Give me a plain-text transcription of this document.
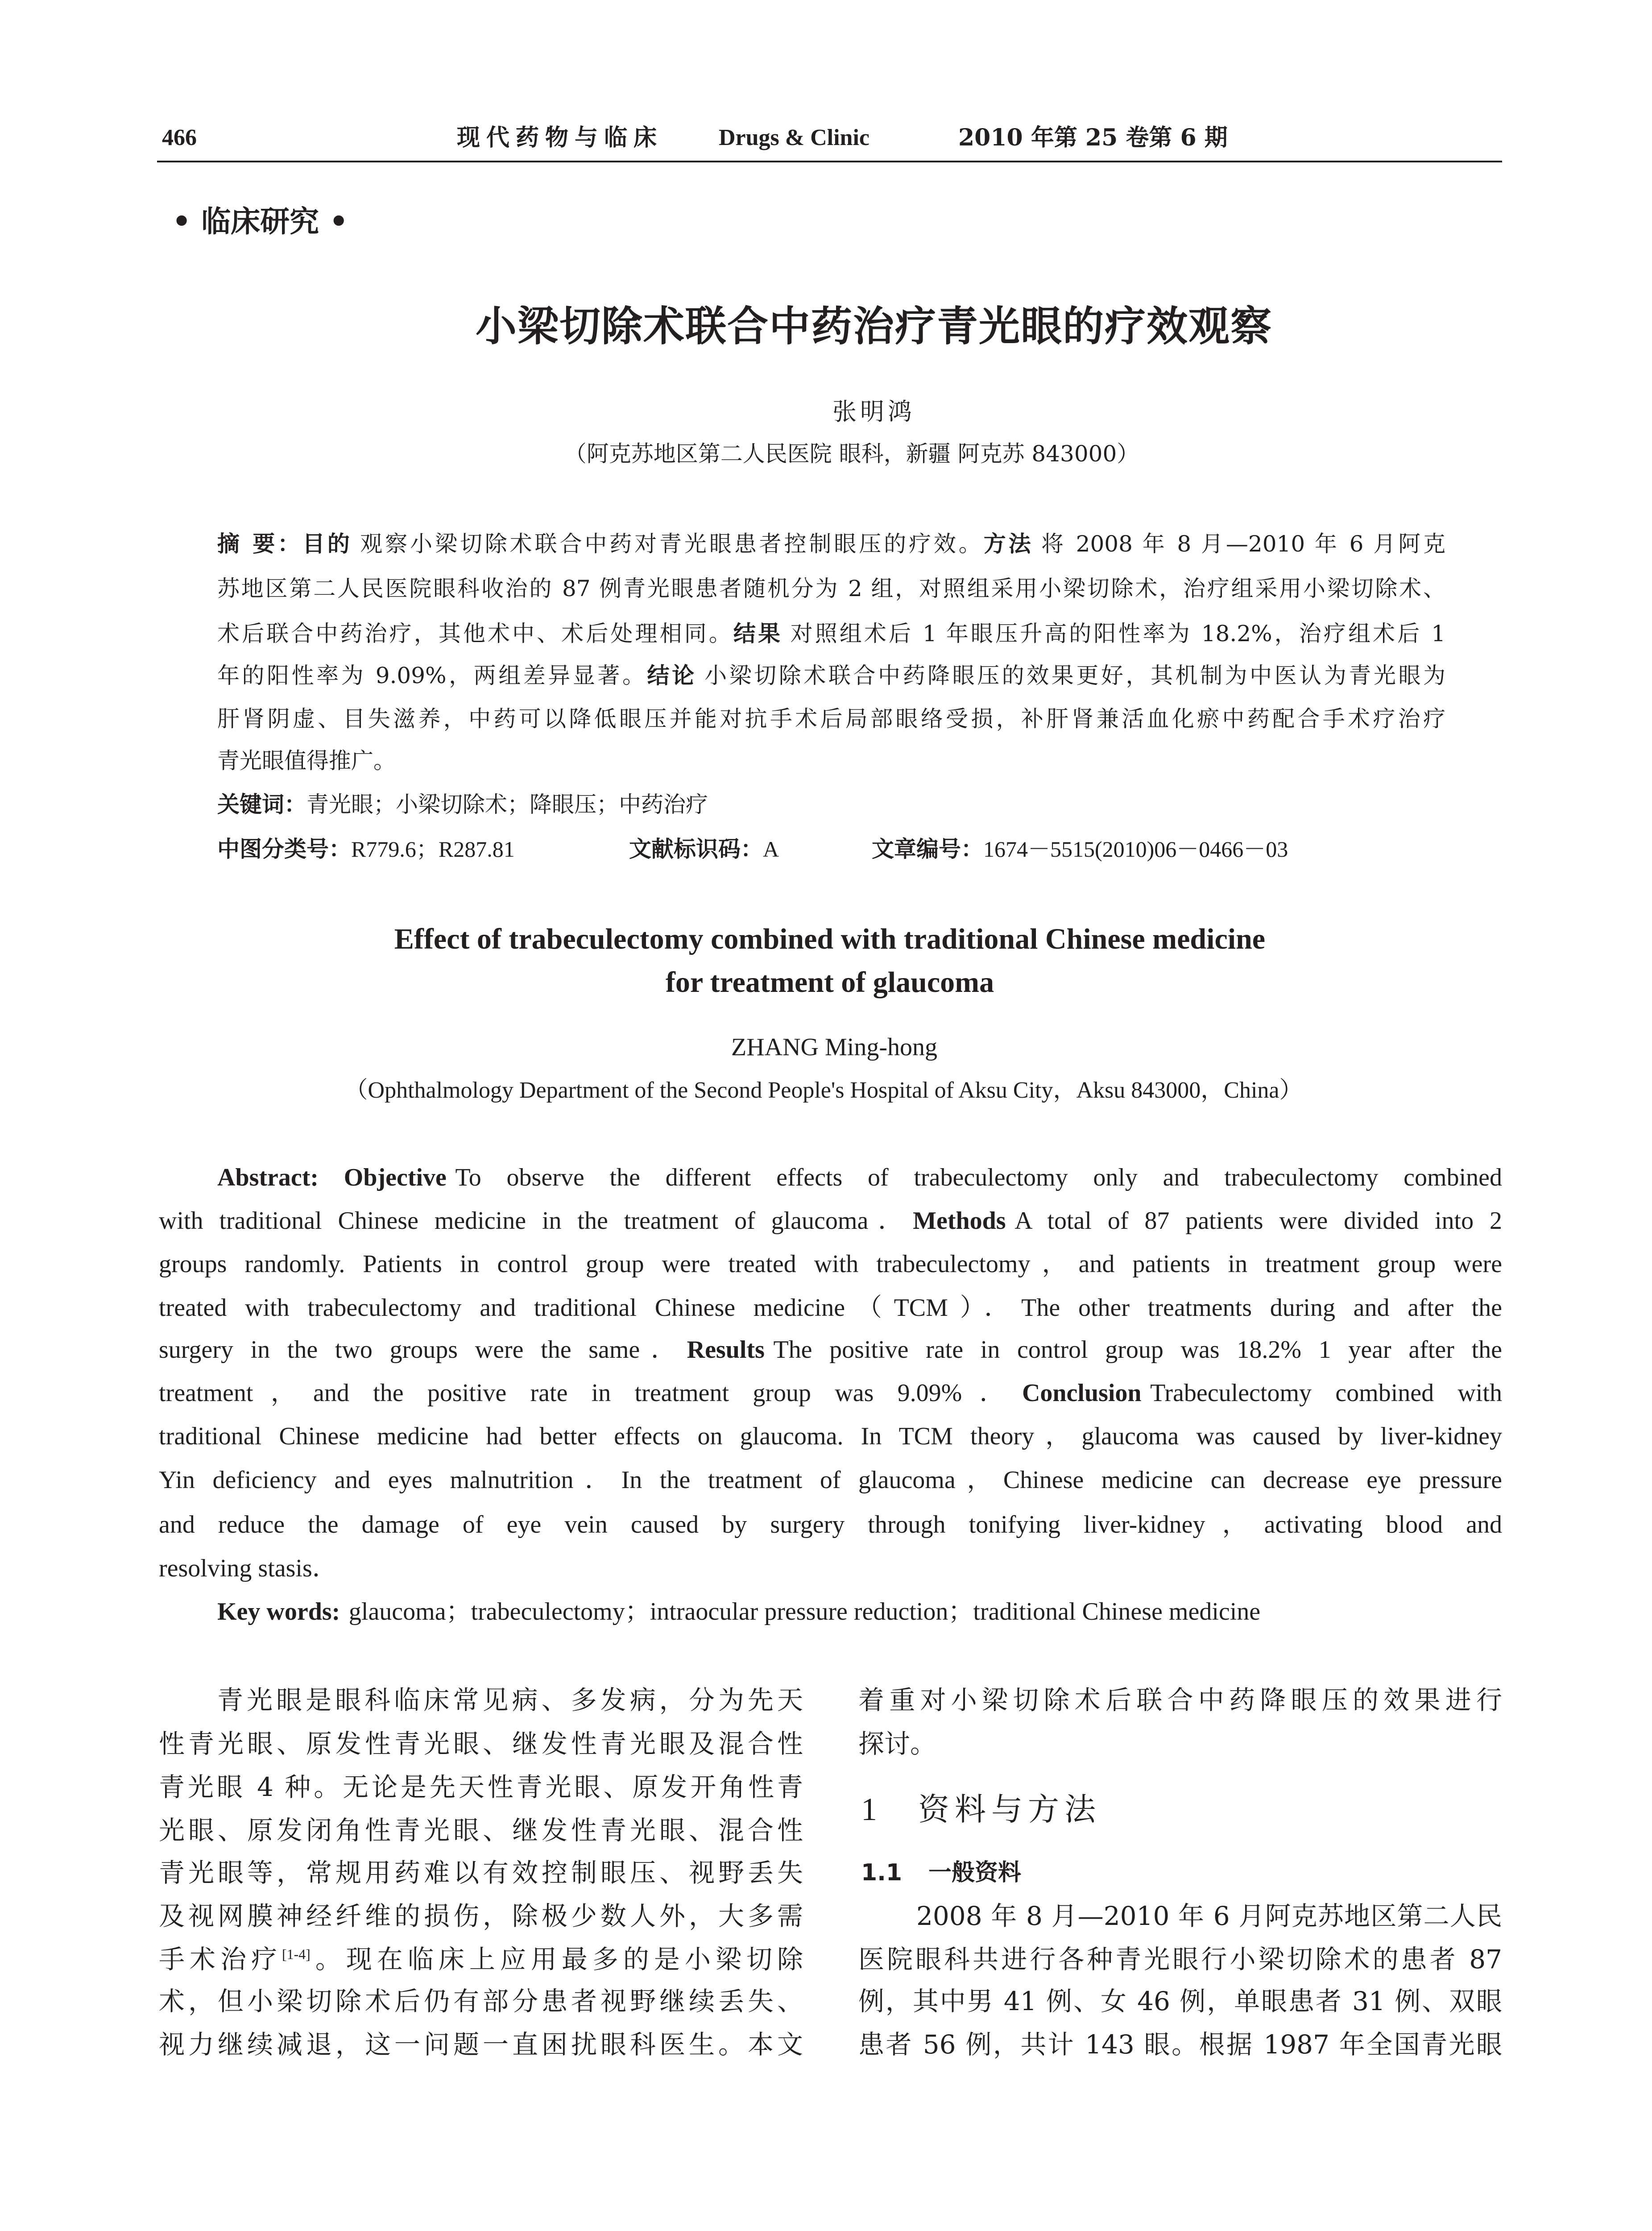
466	现代药物与临床	Drugs & Clinic	2010 年第 25 卷第 6 期
• 临床研究 •
小梁切除术联合中药治疗青光眼的疗效观察
张明鸿
（阿克苏地区第二人民医院 眼科，新疆 阿克苏 843000）
摘 要：目的 观察小梁切除术联合中药对青光眼患者控制眼压的疗效。方法 将 2008 年 8 月—2010 年 6 月阿克
苏地区第二人民医院眼科收治的 87 例青光眼患者随机分为 2 组，对照组采用小梁切除术，治疗组采用小梁切除术、
术后联合中药治疗，其他术中、术后处理相同。结果 对照组术后 1 年眼压升高的阳性率为 18.2%，治疗组术后 1
年的阳性率为 9.09%，两组差异显著。结论 小梁切除术联合中药降眼压的效果更好，其机制为中医认为青光眼为
肝肾阴虚、目失滋养，中药可以降低眼压并能对抗手术后局部眼络受损，补肝肾兼活血化瘀中药配合手术疗治疗
青光眼值得推广。
关键词：青光眼；小梁切除术；降眼压；中药治疗
中图分类号：R779.6；R287.81	文献标识码：A	文章编号：1674－5515(2010)06－0466－03
Effect of trabeculectomy combined with traditional Chinese medicine
for treatment of glaucoma
ZHANG Ming-hong
（Ophthalmology Department of the Second People's Hospital of Aksu City，Aksu 843000，China）
Abstract: Objective To observe the different effects of trabeculectomy only and trabeculectomy combined
with traditional Chinese medicine in the treatment of glaucoma．Methods A total of 87 patients were divided into 2
groups randomly. Patients in control group were treated with trabeculectomy，and patients in treatment group were
treated with trabeculectomy and traditional Chinese medicine（TCM）．The other treatments during and after the
surgery in the two groups were the same．Results The positive rate in control group was 18.2% 1 year after the
treatment，and the positive rate in treatment group was 9.09%．Conclusion Trabeculectomy combined with
traditional Chinese medicine had better effects on glaucoma. In TCM theory，glaucoma was caused by liver-kidney
Yin deficiency and eyes malnutrition．In the treatment of glaucoma，Chinese medicine can decrease eye pressure
and reduce the damage of eye vein caused by surgery through tonifying liver-kidney，activating blood and
resolving stasis．
Key words: glaucoma；trabeculectomy；intraocular pressure reduction；traditional Chinese medicine
青光眼是眼科临床常见病、多发病，分为先天
性青光眼、原发性青光眼、继发性青光眼及混合性
青光眼 4 种。无论是先天性青光眼、原发开角性青
光眼、原发闭角性青光眼、继发性青光眼、混合性
青光眼等，常规用药难以有效控制眼压、视野丢失
及视网膜神经纤维的损伤，除极少数人外，大多需
手术治疗[1-4]。现在临床上应用最多的是小梁切除
术，但小梁切除术后仍有部分患者视野继续丢失、
视力继续减退，这一问题一直困扰眼科医生。本文
着重对小梁切除术后联合中药降眼压的效果进行
探讨。
1	资料与方法
1.1	一般资料
2008 年 8 月—2010 年 6 月阿克苏地区第二人民
医院眼科共进行各种青光眼行小梁切除术的患者 87
例，其中男 41 例、女 46 例，单眼患者 31 例、双眼
患者 56 例，共计 143 眼。根据 1987 年全国青光眼
